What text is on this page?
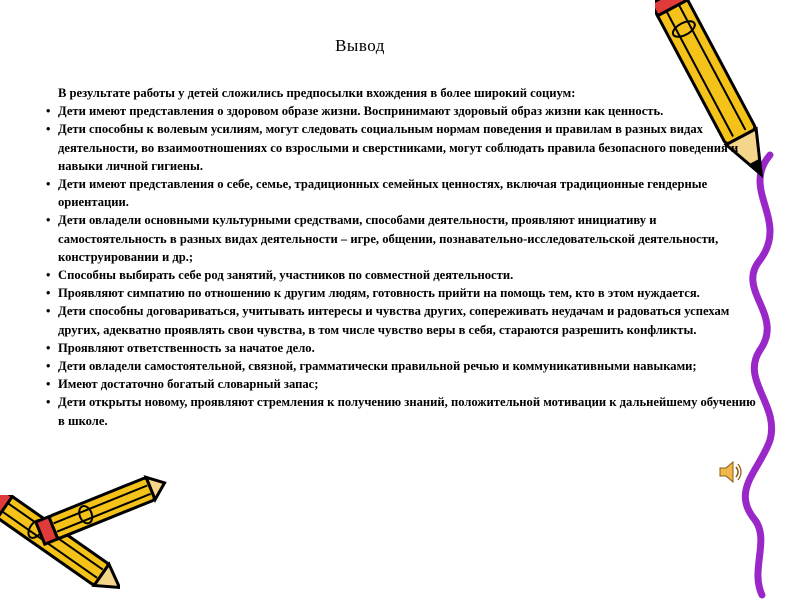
Вывод
В результате работы у детей сложились предпосылки вхождения в более широкий социум:
• Дети имеют представления о здоровом образе жизни. Воспринимают здоровый образ жизни как ценность.
• Дети способны к волевым усилиям, могут следовать социальным нормам поведения и правилам в разных видах деятельности, во взаимоотношениях со взрослыми и сверстниками, могут соблюдать правила безопасного поведения и навыки личной гигиены.
• Дети имеют представления о себе, семье, традиционных семейных ценностях, включая традиционные гендерные ориентации.
• Дети овладели основными культурными средствами, способами деятельности, проявляют инициативу и самостоятельность в разных видах деятельности – игре, общении, познавательно-исследовательской деятельности, конструировании и др.;
• Способны выбирать себе род занятий, участников по совместной деятельности.
• Проявляют симпатию по отношению к другим людям, готовность прийти на помощь тем, кто в этом нуждается.
• Дети способны договариваться, учитывать интересы и чувства других, сопереживать неудачам и радоваться успехам других, адекватно проявлять свои чувства, в том числе чувство веры в себя, стараются разрешить конфликты.
• Проявляют ответственность за начатое дело.
• Дети овладели самостоятельной, связной, грамматически правильной речью и коммуникативными навыками;
• Имеют достаточно богатый словарный запас;
• Дети открыты новому, проявляют стремления к получению знаний, положительной мотивации к дальнейшему обучению в школе.
